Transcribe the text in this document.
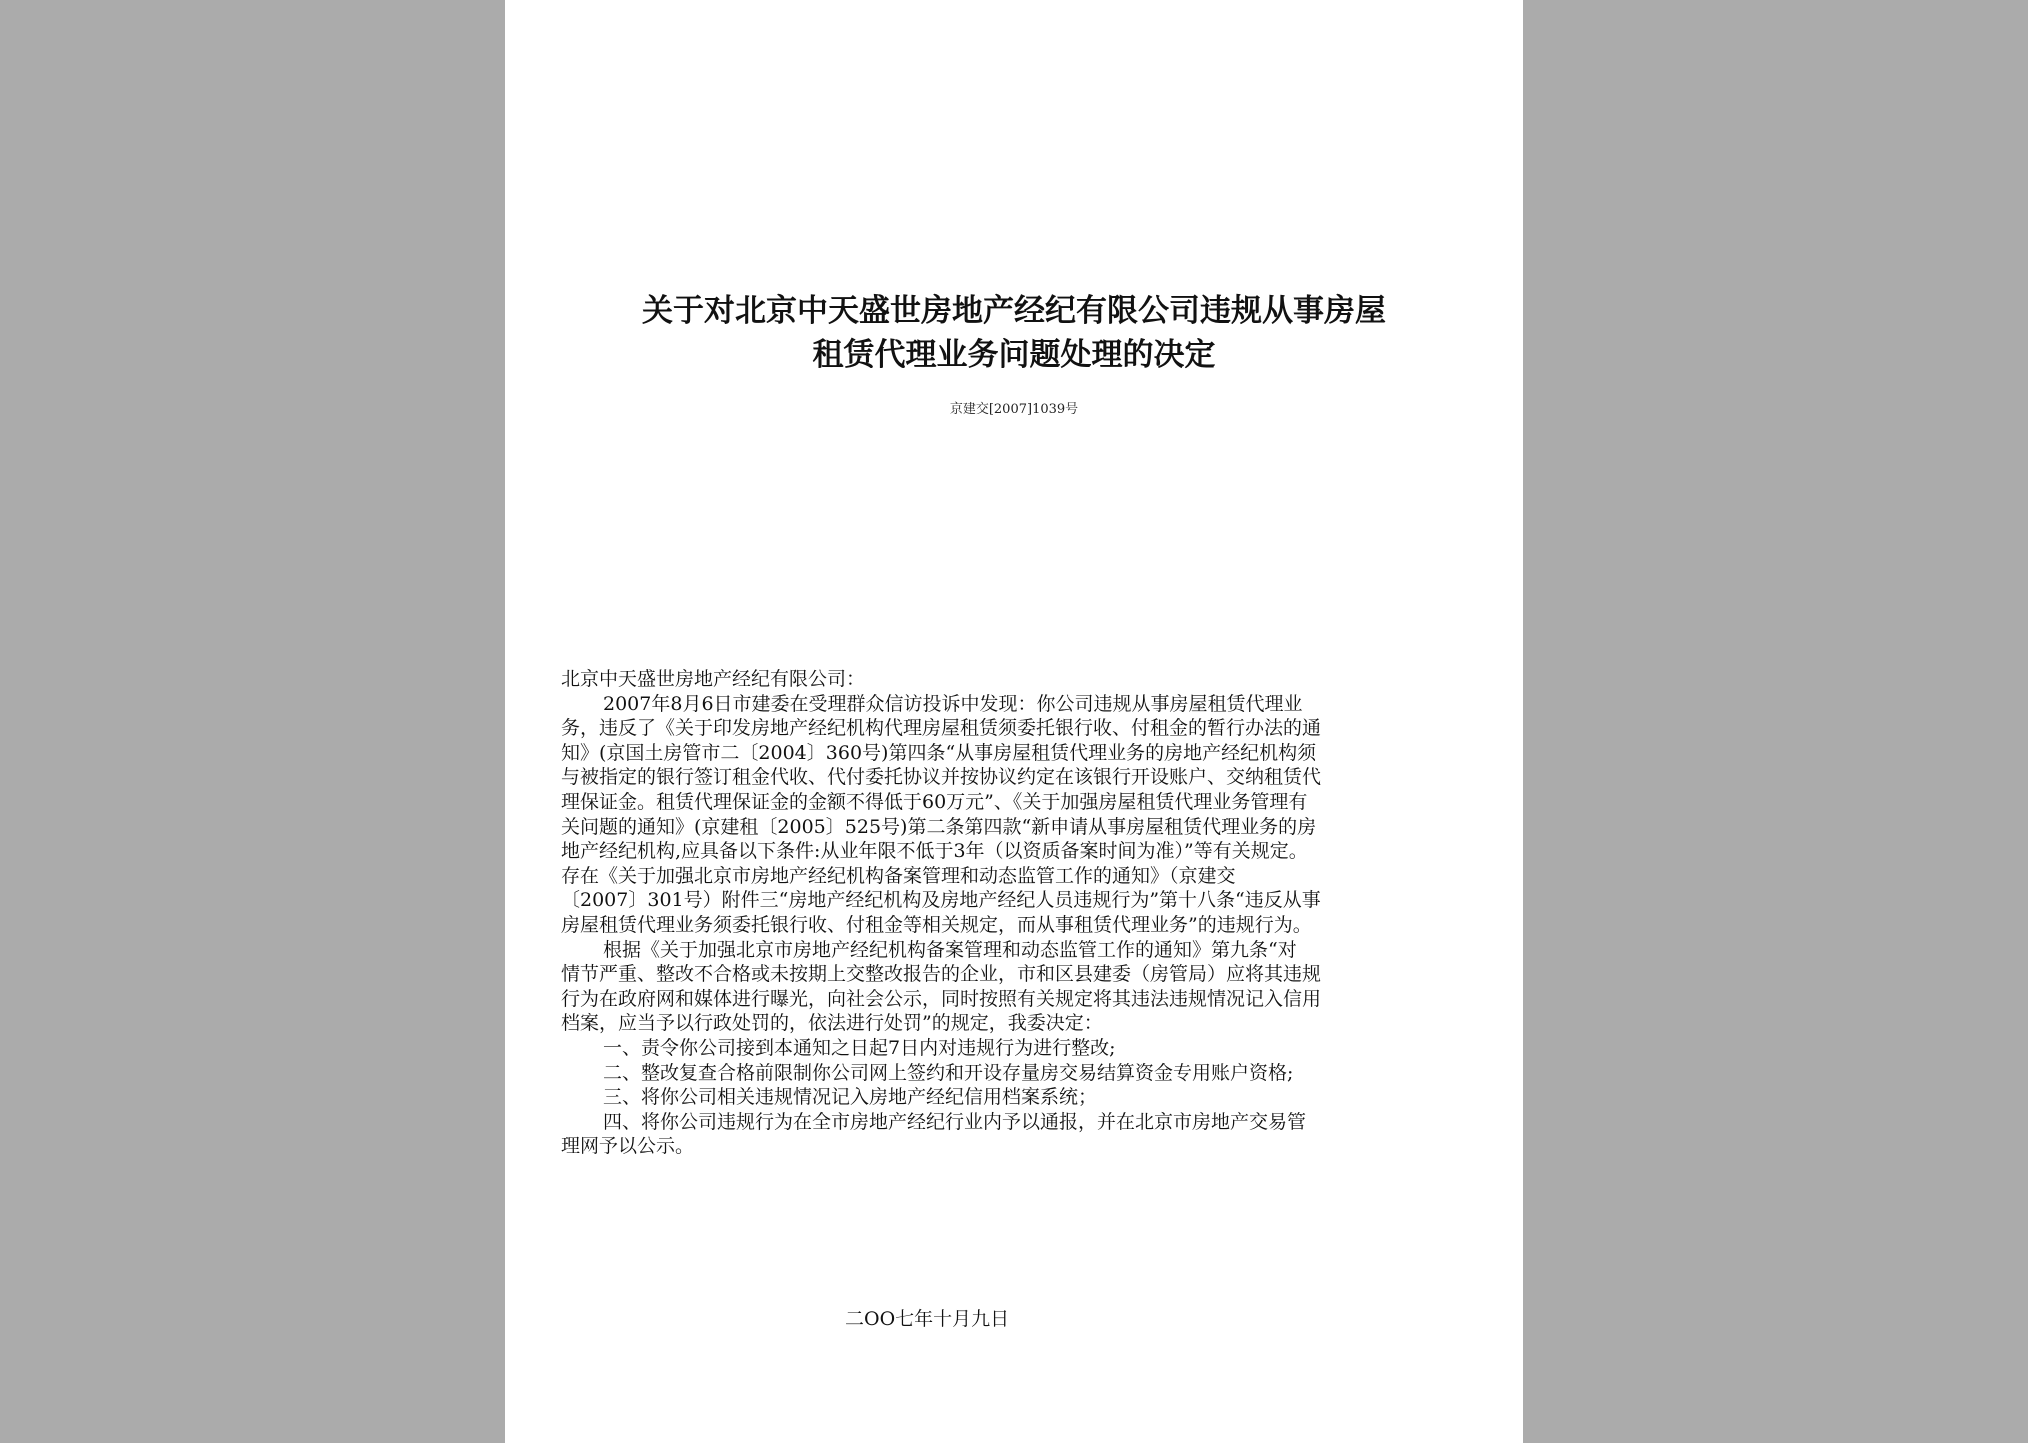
关于对北京中天盛世房地产经纪有限公司违规从事房屋
租赁代理业务问题处理的决定
京建交[2007]1039号

北京中天盛世房地产经纪有限公司：

2007年8月6日市建委在受理群众信访投诉中发现：你公司违规从事房屋租赁代理业

务，违反了《关于印发房地产经纪机构代理房屋租赁须委托银行收、付租金的暂行办法的通

知》(京国土房管市二〔2004〕360号)第四条“从事房屋租赁代理业务的房地产经纪机构须

与被指定的银行签订租金代收、代付委托协议并按协议约定在该银行开设账户、交纳租赁代

理保证金。租赁代理保证金的金额不得低于60万元”、《关于加强房屋租赁代理业务管理有

关问题的通知》(京建租〔2005〕525号)第二条第四款“新申请从事房屋租赁代理业务的房

地产经纪机构,应具备以下条件:从业年限不低于3年（以资质备案时间为准）”等有关规定。

存在《关于加强北京市房地产经纪机构备案管理和动态监管工作的通知》（京建交

〔2007〕301号）附件三“房地产经纪机构及房地产经纪人员违规行为”第十八条“违反从事

房屋租赁代理业务须委托银行收、付租金等相关规定，而从事租赁代理业务”的违规行为。

根据《关于加强北京市房地产经纪机构备案管理和动态监管工作的通知》第九条“对

情节严重、整改不合格或未按期上交整改报告的企业，市和区县建委（房管局）应将其违规

行为在政府网和媒体进行曝光，向社会公示，同时按照有关规定将其违法违规情况记入信用

档案，应当予以行政处罚的，依法进行处罚”的规定，我委决定：

一、责令你公司接到本通知之日起7日内对违规行为进行整改;

二、整改复查合格前限制你公司网上签约和开设存量房交易结算资金专用账户资格;

三、将你公司相关违规情况记入房地产经纪信用档案系统；

四、将你公司违规行为在全市房地产经纪行业内予以通报，并在北京市房地产交易管

理网予以公示。

二OO七年十月九日
